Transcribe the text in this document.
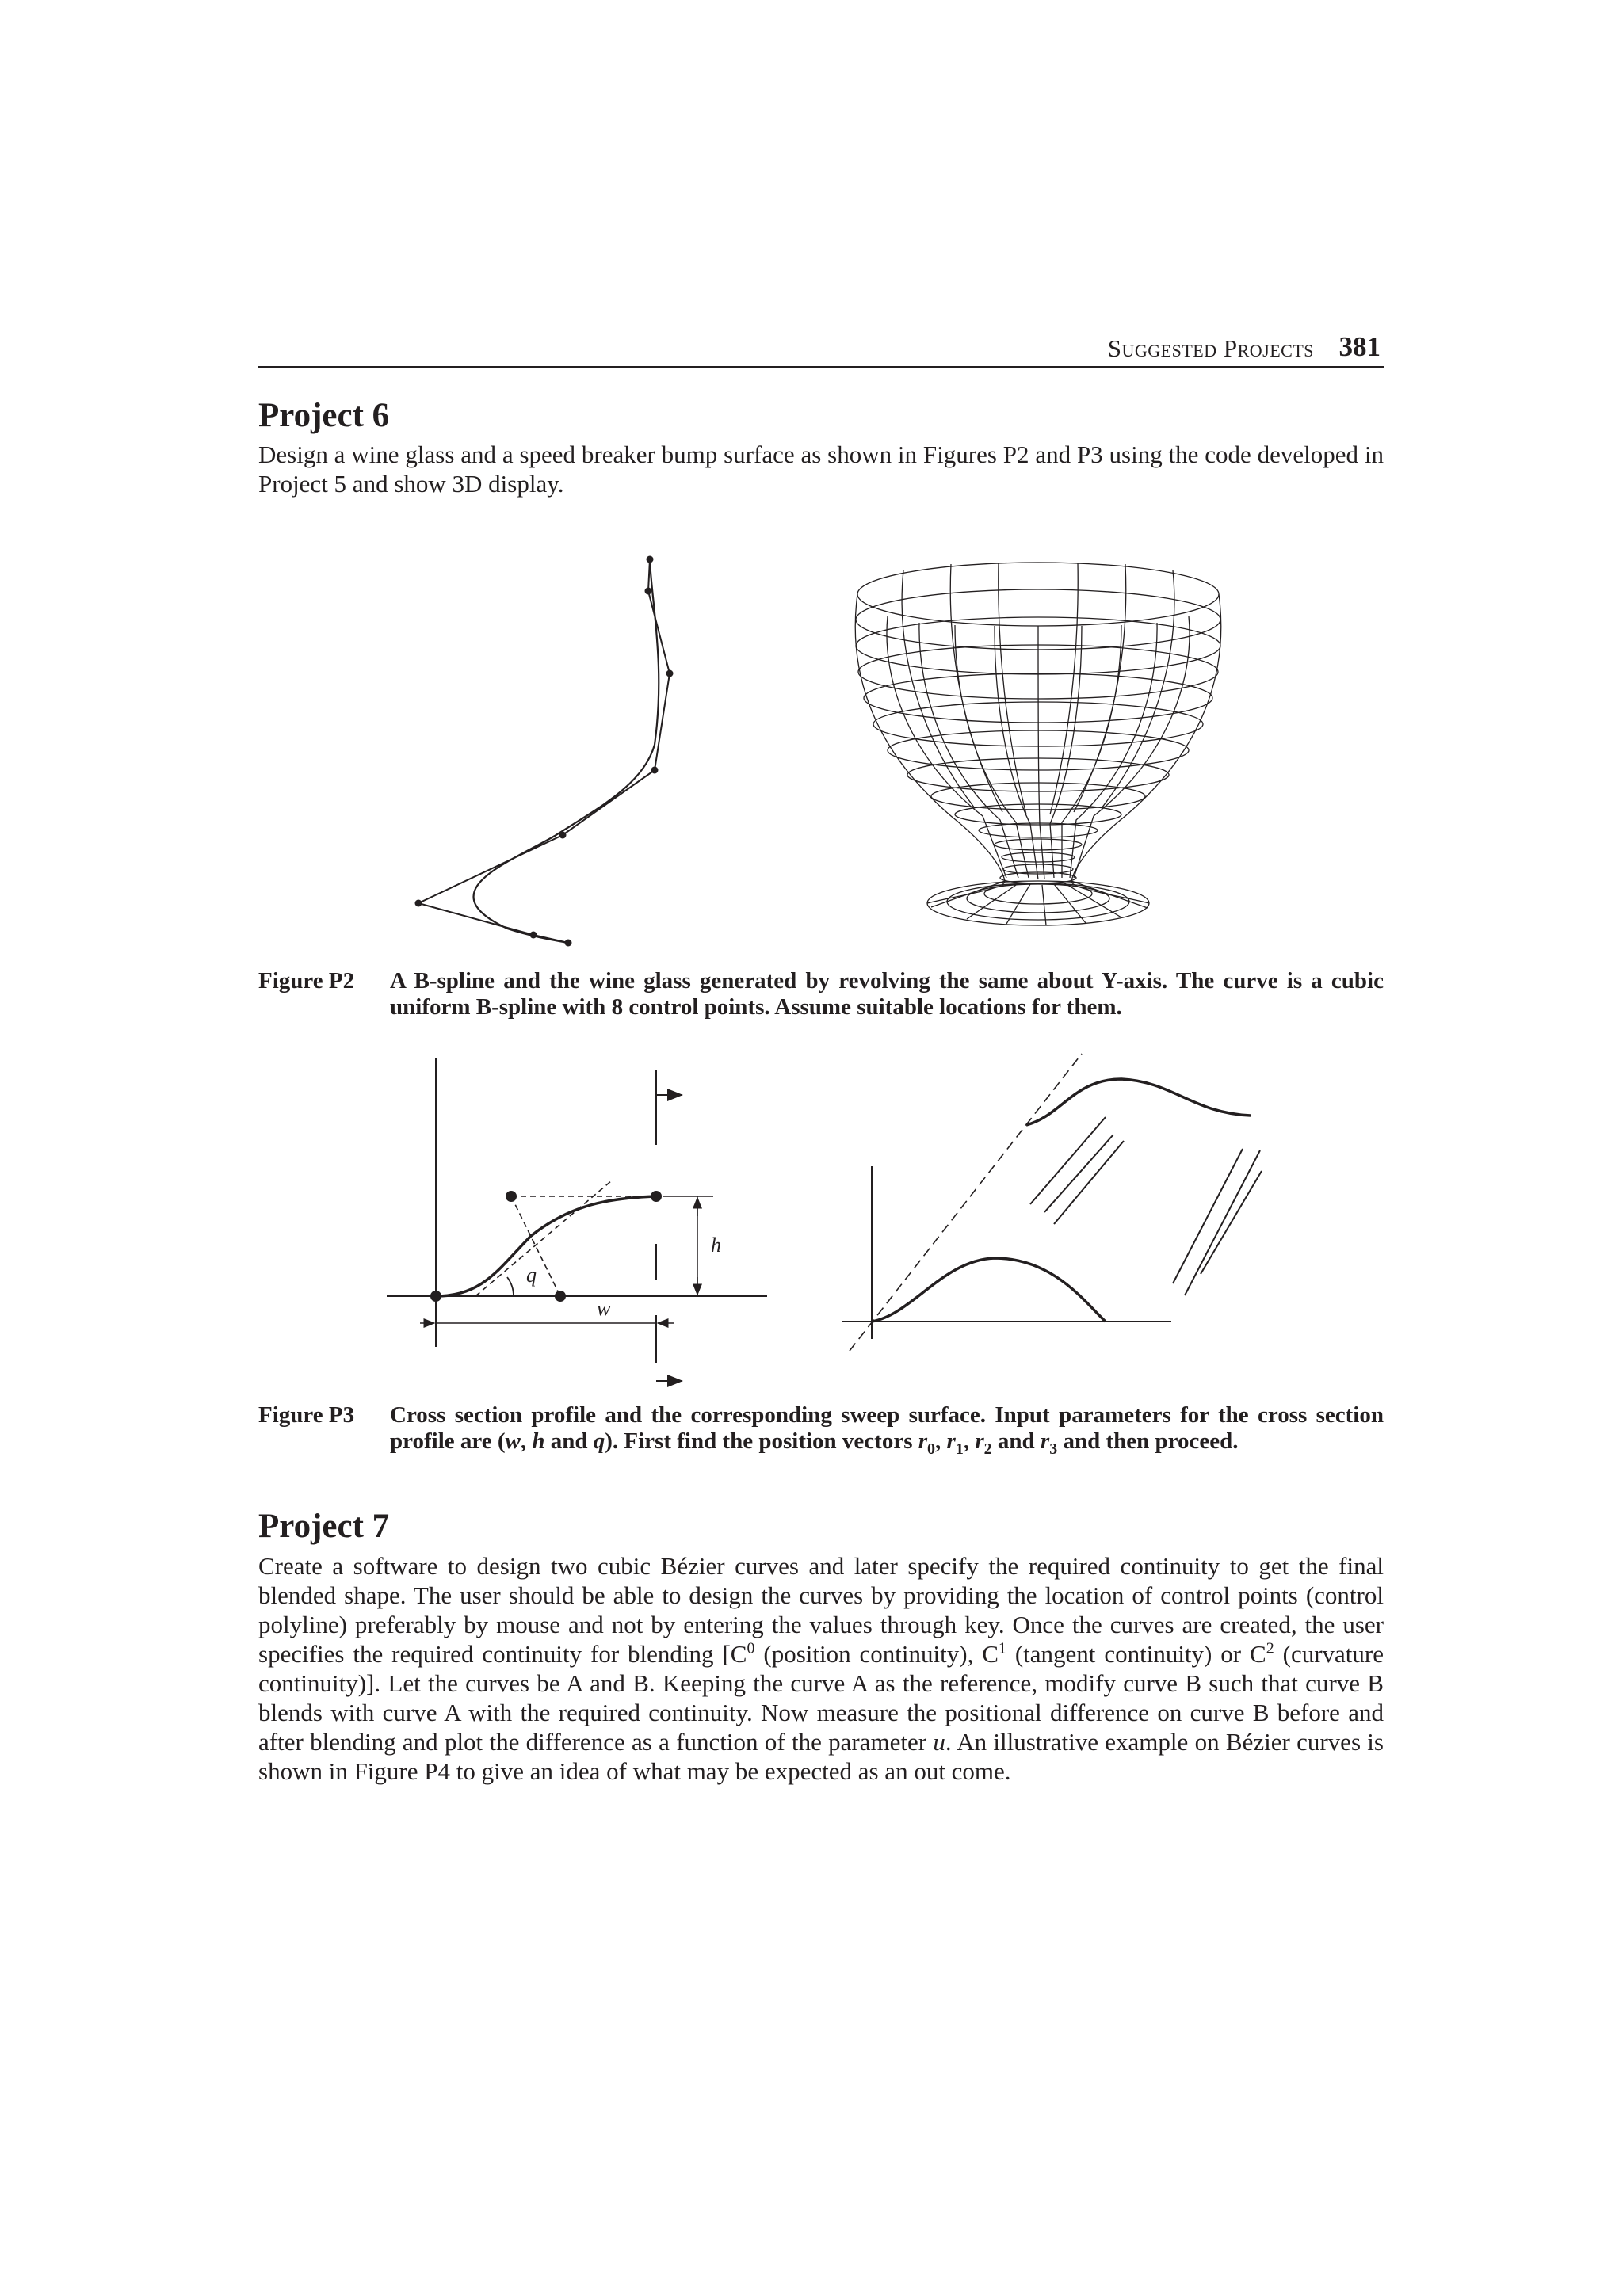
Suggested Projects 381
Project 6

Design a wine glass and a speed breaker bump surface as shown in Figures P2 and P3 using the code developed in Project 5 and show 3D display.

Figure P2	A B-spline and the wine glass generated by revolving the same about Y-axis. The curve is a cubic uniform B-spline with 8 control points. Assume suitable locations for them.
h
q
w
Figure P3	Cross section profile and the corresponding sweep surface. Input parameters for the cross section profile are (w, h and q). First find the position vectors $r_0$, $r_1$, $r_2$ and $r_3$ and then proceed.
Project 7

Create a software to design two cubic Bézier curves and later specify the required continuity to get the final blended shape. The user should be able to design the curves by providing the location of control points (control polyline) preferably by mouse and not by entering the values through key. Once the curves are created, the user specifies the required continuity for blending [$C^0$ (position continuity), $C^1$ (tangent continuity) or $C^2$ (curvature continuity)]. Let the curves be A and B. Keeping the curve A as the reference, modify curve B such that curve B blends with curve A with the required continuity. Now measure the positional difference on curve B before and after blending and plot the difference as a function of the parameter u. An illustrative example on Bézier curves is shown in Figure P4 to give an idea of what may be expected as an out come.
